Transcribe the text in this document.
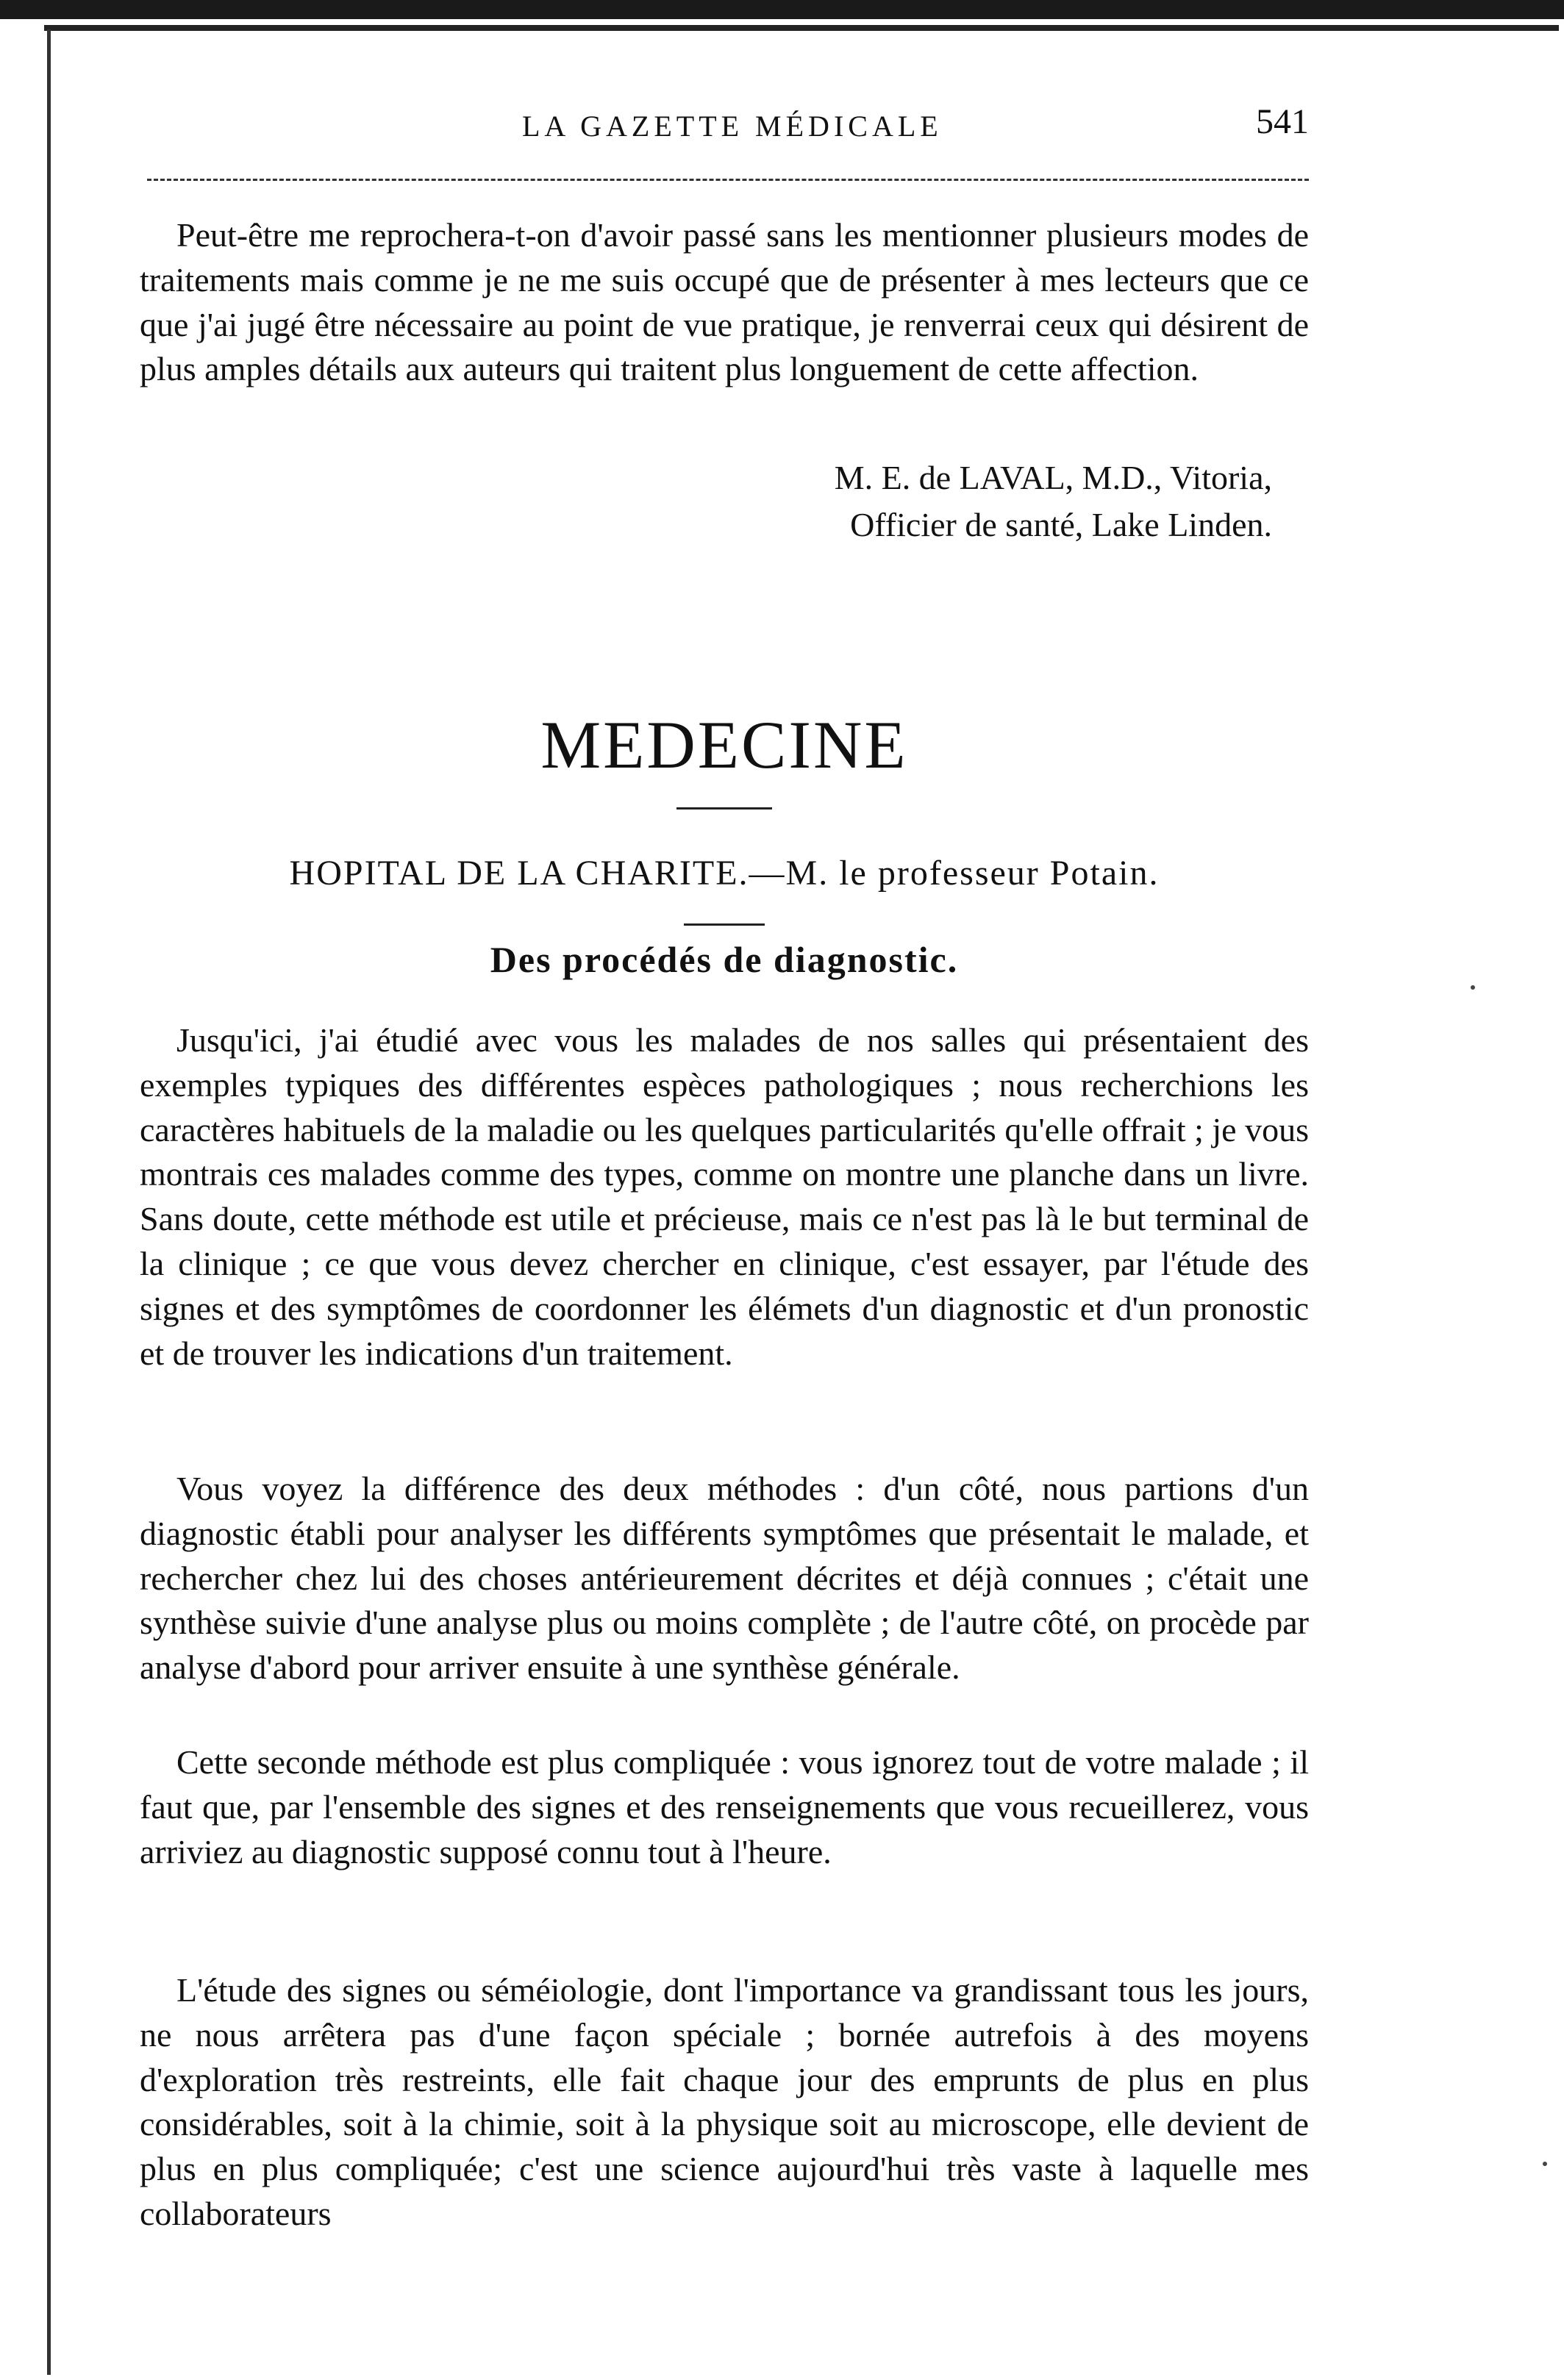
LA GAZETTE MÉDICALE	541

Peut-être me reprochera-t-on d'avoir passé sans les mentionner plusieurs modes de traitements mais comme je ne me suis occupé que de présenter à mes lecteurs que ce que j'ai jugé être nécessaire au point de vue pratique, je renverrai ceux qui désirent de plus amples détails aux auteurs qui traitent plus longuement de cette affection.

M. E. de LAVAL, M.D., Vitoria,
Officier de santé, Lake Linden.
MEDECINE
HOPITAL DE LA CHARITE.—M. le professeur Potain.
Des procédés de diagnostic.

Jusqu'ici, j'ai étudié avec vous les malades de nos salles qui présentaient des exemples typiques des différentes espèces pathologiques ; nous recherchions les caractères habituels de la maladie ou les quelques particularités qu'elle offrait ; je vous montrais ces malades comme des types, comme on montre une planche dans un livre. Sans doute, cette méthode est utile et précieuse, mais ce n'est pas là le but terminal de la clinique ; ce que vous devez chercher en clinique, c'est essayer, par l'étude des signes et des symptômes de coordonner les élémets d'un diagnostic et d'un pronostic et de trouver les indications d'un traitement.

Vous voyez la différence des deux méthodes : d'un côté, nous partions d'un diagnostic établi pour analyser les différents symptômes que présentait le malade, et rechercher chez lui des choses antérieurement décrites et déjà connues ; c'était une synthèse suivie d'une analyse plus ou moins complète ; de l'autre côté, on procède par analyse d'abord pour arriver ensuite à une synthèse générale.

Cette seconde méthode est plus compliquée : vous ignorez tout de votre malade ; il faut que, par l'ensemble des signes et des renseignements que vous recueillerez, vous arriviez au diagnostic supposé connu tout à l'heure.

L'étude des signes ou séméiologie, dont l'importance va grandissant tous les jours, ne nous arrêtera pas d'une façon spéciale ; bornée autrefois à des moyens d'exploration très restreints, elle fait chaque jour des emprunts de plus en plus considérables, soit à la chimie, soit à la physique soit au microscope, elle devient de plus en plus compliquée; c'est une science aujourd'hui très vaste à laquelle mes collaborateurs
